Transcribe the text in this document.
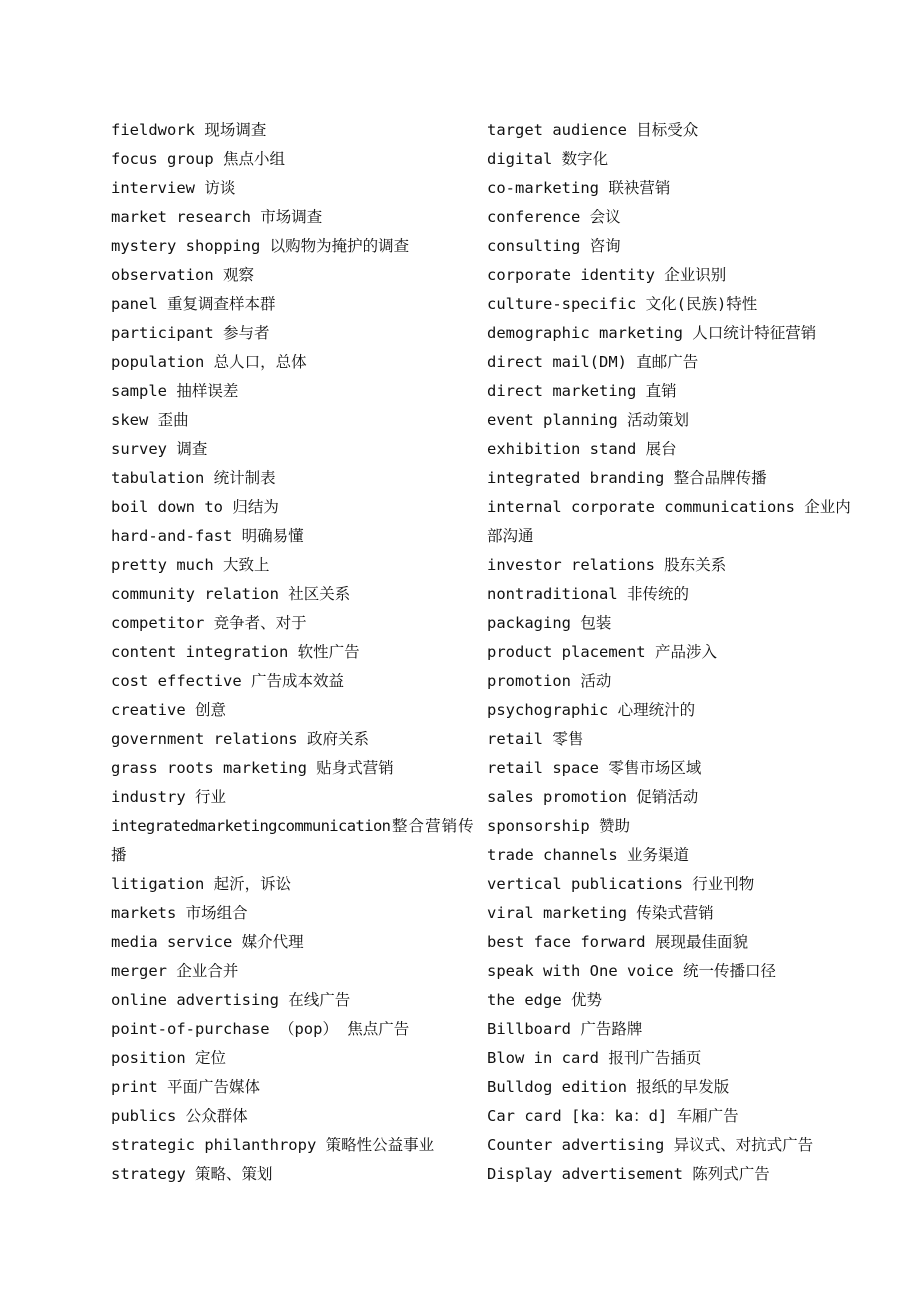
fieldwork 现场调查
focus group 焦点小组
interview 访谈
market research 市场调查
mystery shopping 以购物为掩护的调查
observation 观察
panel 重复调查样本群
participant 参与者
population 总人口，总体
sample 抽样误差
skew 歪曲
survey 调查
tabulation 统计制表
boil down to 归结为
hard-and-fast 明确易懂
pretty much 大致上
community relation 社区关系
competitor 竞争者、对于
content integration 软性广告
cost effective 广告成本效益
creative 创意
government relations 政府关系
grass roots marketing 贴身式营销
industry 行业
integratedmarketingcommunication整合营销传播
litigation 起沂，诉讼
markets 市场组合
media service 媒介代理
merger 企业合并
online advertising 在线广告
point-of-purchase （pop） 焦点广告
position 定位
print 平面广告媒体
publics 公众群体
strategic philanthropy 策略性公益事业
strategy 策略、策划
target audience 目标受众
digital 数字化
co-marketing 联袂营销
conference 会议
consulting 咨询
corporate identity 企业识别
culture-specific 文化(民族)特性
demographic marketing 人口统计特征营销
direct mail(DM) 直邮广告
direct marketing 直销
event planning 活动策划
exhibition stand 展台
integrated branding 整合品牌传播
internal corporate communications 企业内部沟通
investor relations 股东关系
nontraditional 非传统的
packaging 包装
product placement 产品涉入
promotion 活动
psychographic 心理统汁的
retail 零售
retail space 零售市场区域
sales promotion 促销活动
sponsorship 赞助
trade channels 业务渠道
vertical publications 行业刊物
viral marketing 传染式营销
best face forward 展现最佳面貌
speak with One voice 统一传播口径
the edge 优势
Billboard 广告路牌
Blow in card 报刊广告插页
Bulldog edition 报纸的早发版
Car card [ka：ka：d] 车厢广告
Counter advertising 异议式、对抗式广告
Display advertisement 陈列式广告
